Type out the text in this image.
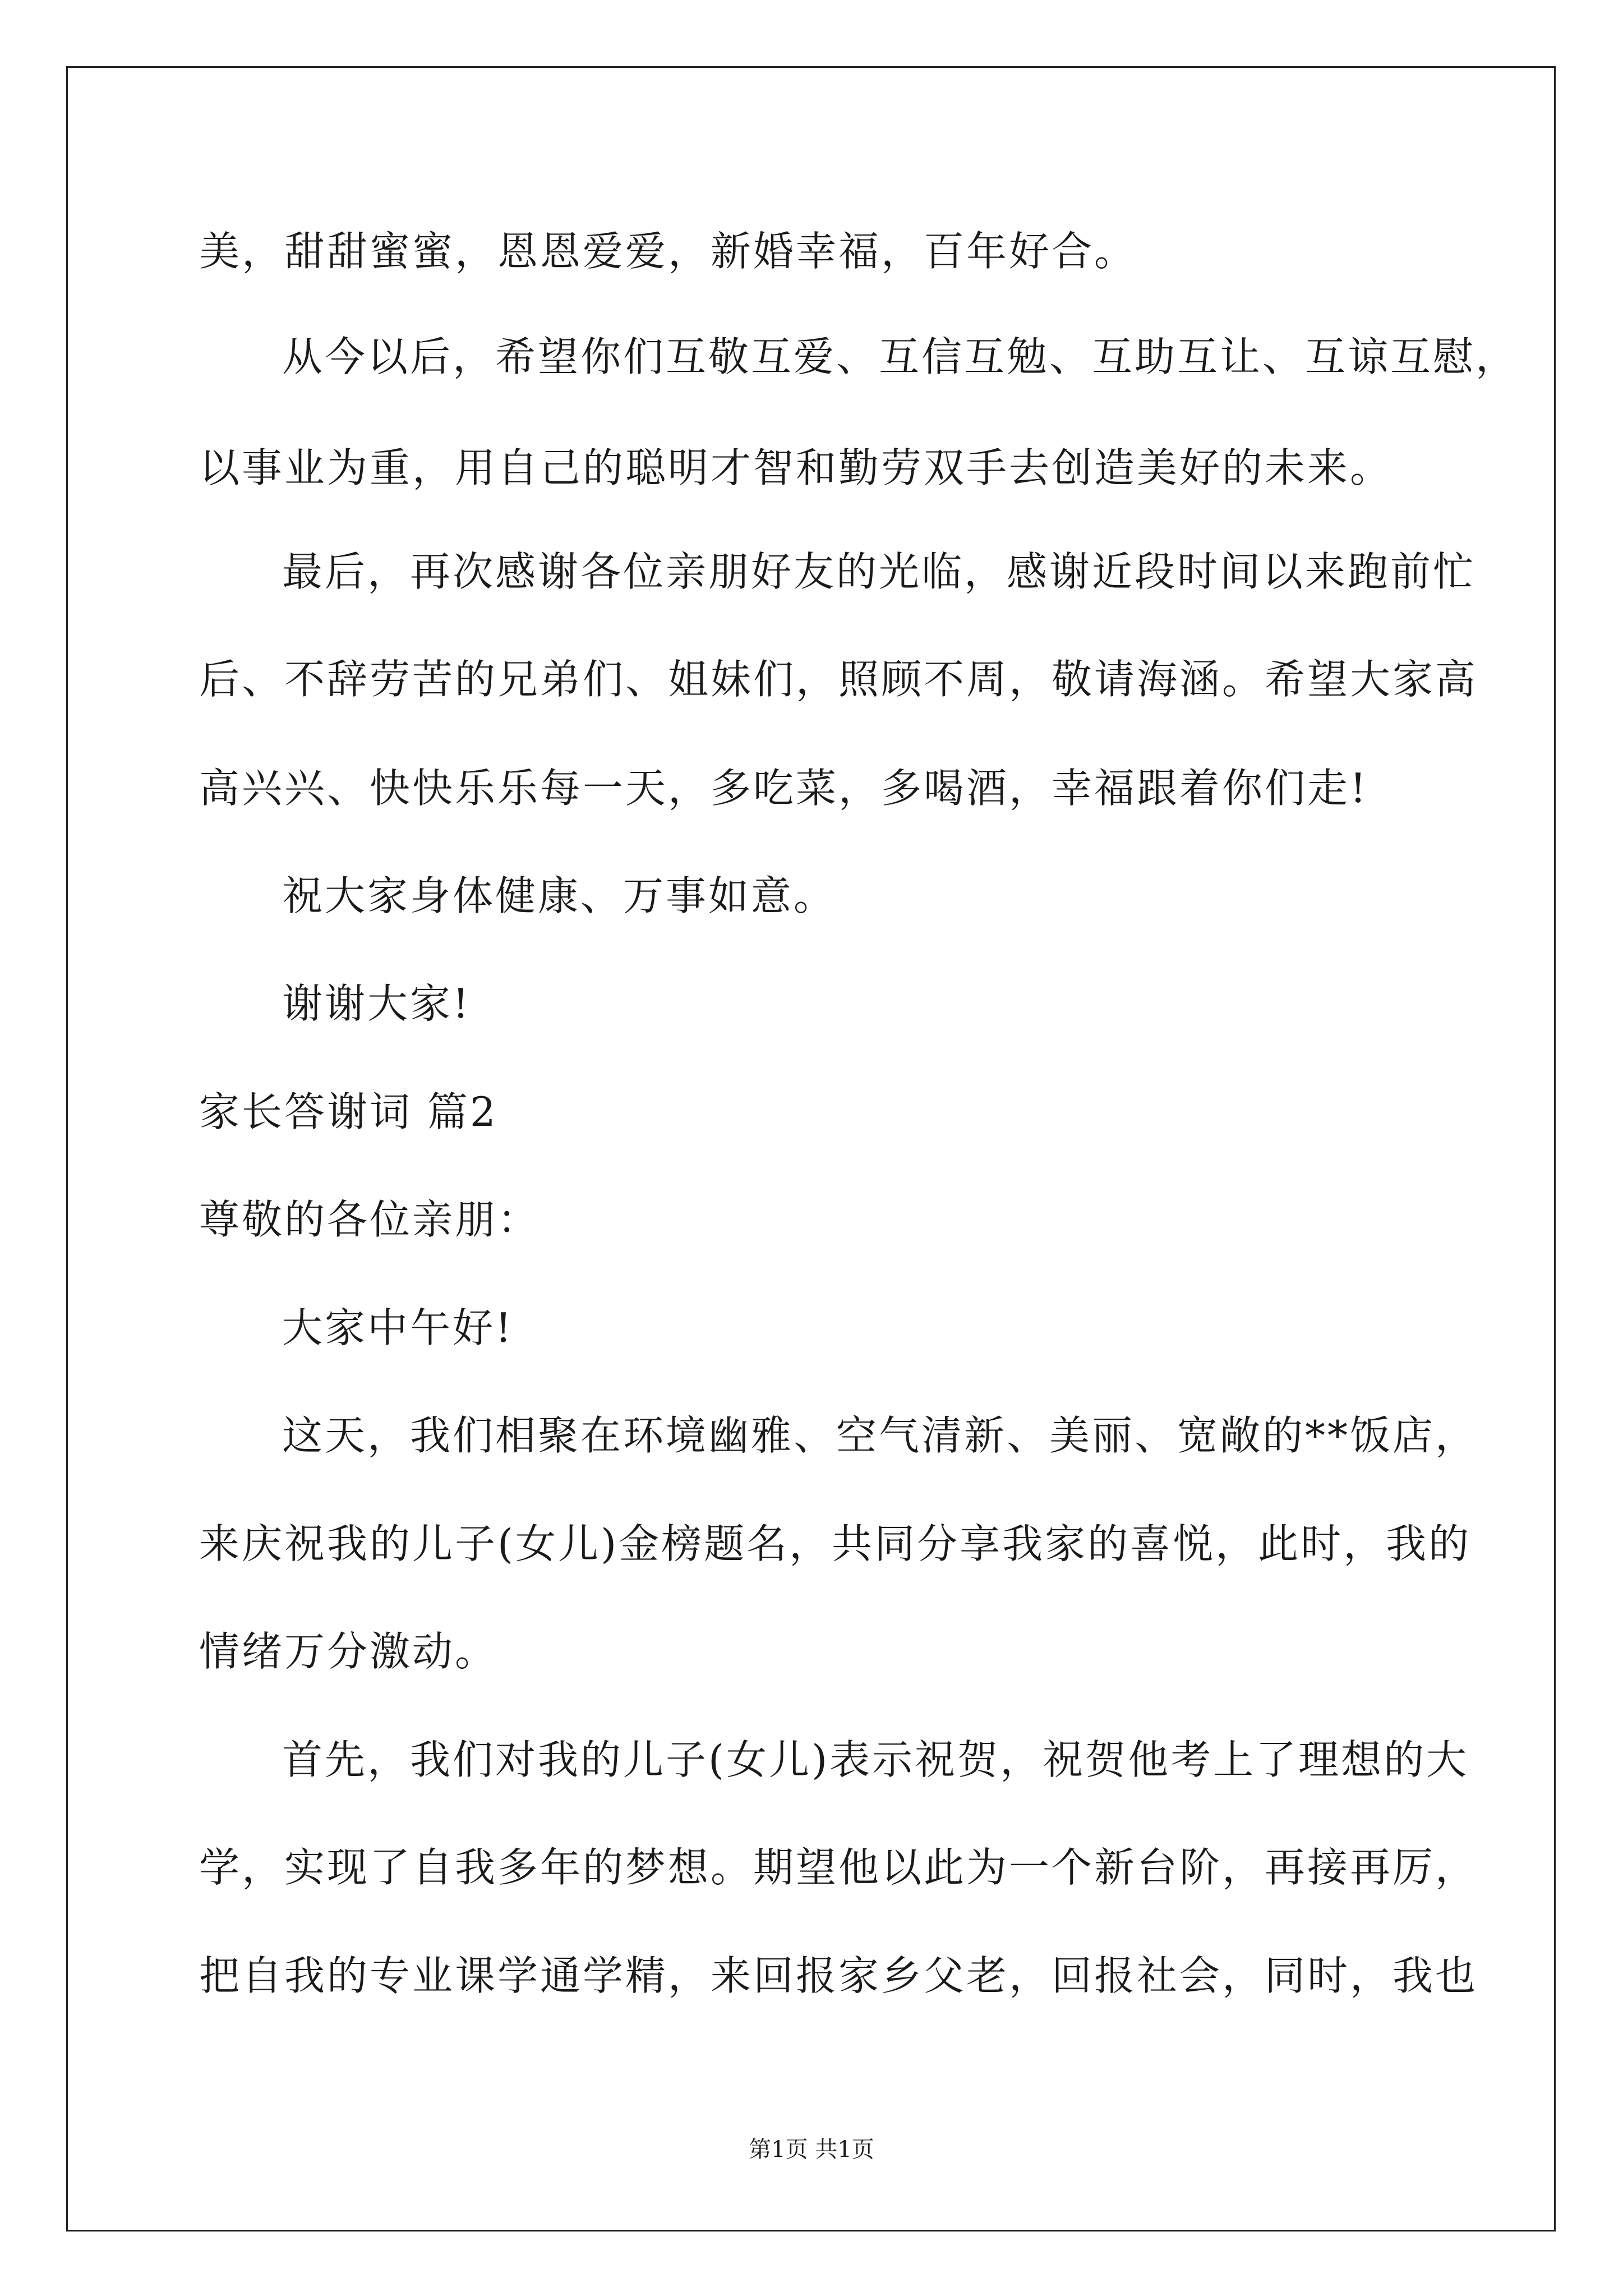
美，甜甜蜜蜜，恩恩爱爱，新婚幸福，百年好合。
从今以后，希望你们互敬互爱、互信互勉、互助互让、互谅互慰，
以事业为重，用自己的聪明才智和勤劳双手去创造美好的未来。
最后，再次感谢各位亲朋好友的光临，感谢近段时间以来跑前忙
后、不辞劳苦的兄弟们、姐妹们，照顾不周，敬请海涵。希望大家高
高兴兴、快快乐乐每一天，多吃菜，多喝酒，幸福跟着你们走!
祝大家身体健康、万事如意。
谢谢大家!
家长答谢词 篇2
尊敬的各位亲朋：
大家中午好!
这天，我们相聚在环境幽雅、空气清新、美丽、宽敞的**饭店，
来庆祝我的儿子(女儿)金榜题名，共同分享我家的喜悦，此时，我的
情绪万分激动。
首先，我们对我的儿子(女儿)表示祝贺，祝贺他考上了理想的大
学，实现了自我多年的梦想。期望他以此为一个新台阶，再接再厉，
把自我的专业课学通学精，来回报家乡父老，回报社会，同时，我也
第1页 共1页
